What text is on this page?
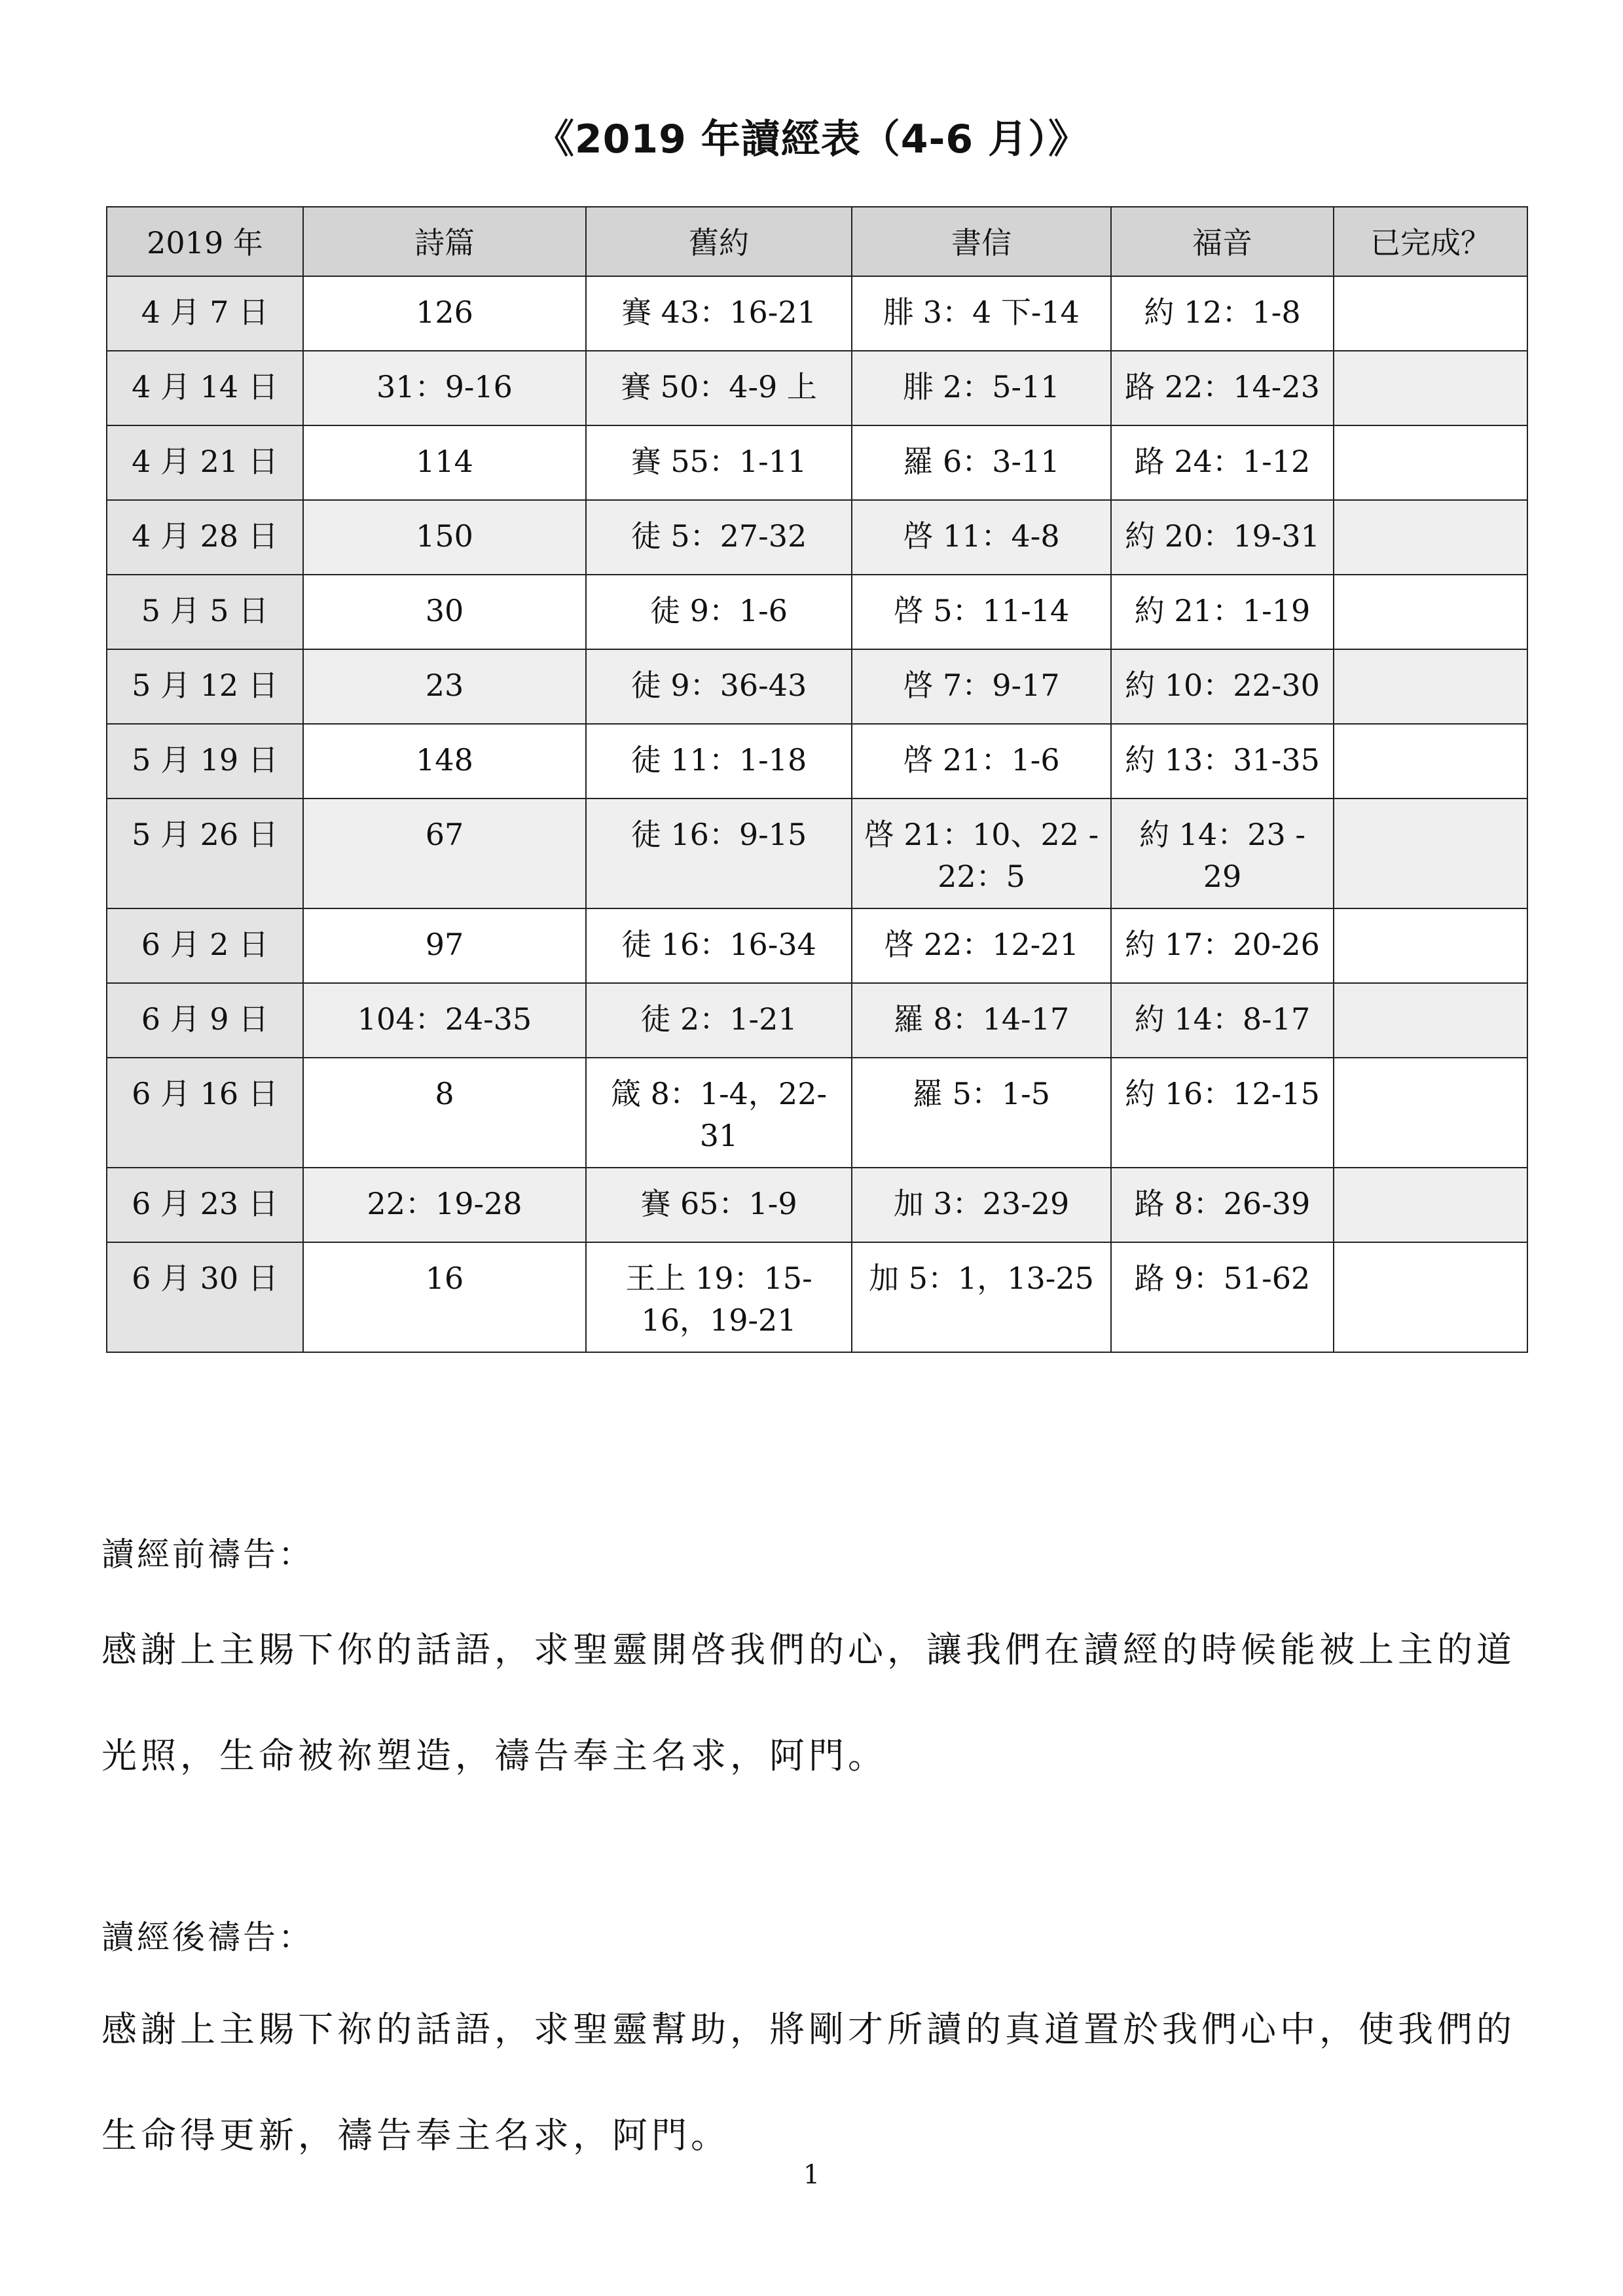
《2019 年讀經表（4-6 月）》
2019 年	詩篇	舊約	書信	福音	已完成？
4 月 7 日	126	賽 43：16-21	腓 3：4 下-14	約 12：1-8	
4 月 14 日	31：9-16	賽 50：4-9 上	腓 2：5-11	路 22：14-23	
4 月 21 日	114	賽 55：1-11	羅 6：3-11	路 24：1-12	
4 月 28 日	150	徒 5：27-32	啓 11：4-8	約 20：19-31	
5 月 5 日	30	徒 9：1-6	啓 5：11-14	約 21：1-19	
5 月 12 日	23	徒 9：36-43	啓 7：9-17	約 10：22-30	
5 月 19 日	148	徒 11：1-18	啓 21：1-6	約 13：31-35	
5 月 26 日	67	徒 16：9-15	啓 21：10、22 - 22：5	約 14：23 - 29	
6 月 2 日	97	徒 16：16-34	啓 22：12-21	約 17：20-26	
6 月 9 日	104：24-35	徒 2：1-21	羅 8：14-17	約 14：8-17	
6 月 16 日	8	箴 8：1-4，22-31	羅 5：1-5	約 16：12-15	
6 月 23 日	22：19-28	賽 65：1-9	加 3：23-29	路 8：26-39	
6 月 30 日	16	王上 19：15-16，19-21	加 5：1，13-25	路 9：51-62	
讀經前禱告：
感謝上主賜下你的話語，求聖靈開啓我們的心，讓我們在讀經的時候能被上主的道光照，生命被祢塑造，禱告奉主名求，阿門。
讀經後禱告：
感謝上主賜下祢的話語，求聖靈幫助，將剛才所讀的真道置於我們心中，使我們的生命得更新，禱告奉主名求，阿門。
1
